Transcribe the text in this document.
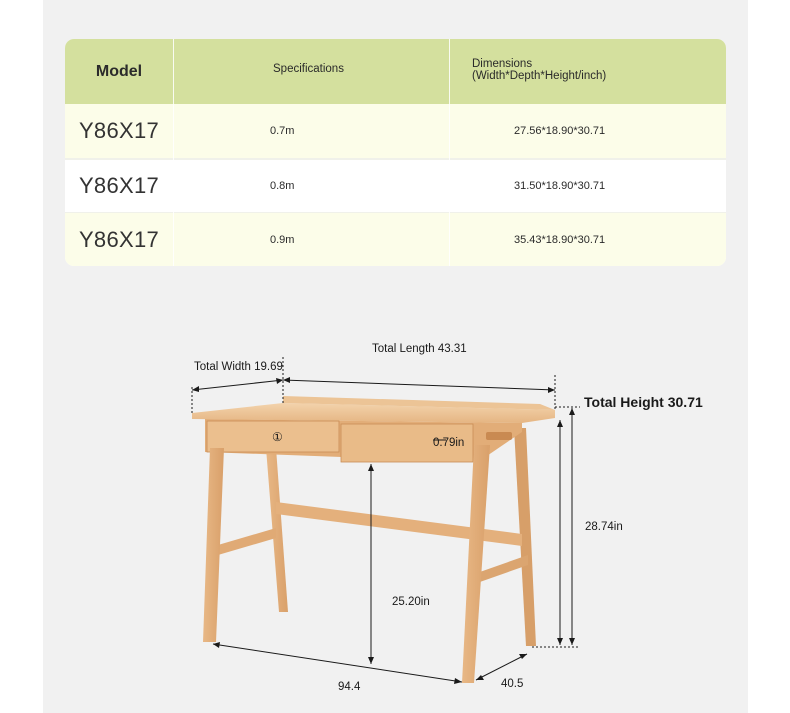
Model	Specifications	Dimensions
(Width*Depth*Height/inch)
Y86X17	0.7m	27.56*18.90*30.71
Y86X17	0.8m	31.50*18.90*30.71
Y86X17	0.9m	35.43*18.90*30.71
Total Length 43.31
Total Width 19.69
Total Height 30.71
①	0.79in
28.74in
25.20in
94.4	40.5
